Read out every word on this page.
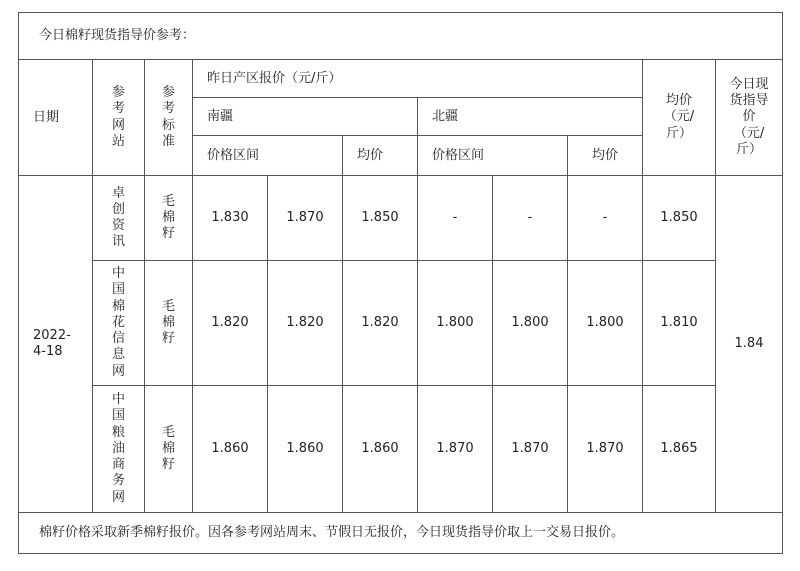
今日棉籽现货指导价参考：										
日期	参考网站	参考标准	昨日产区报价（元/斤）						均价（元/斤）	今日现货指导价（元/斤）

			南疆			北疆				
			价格区间		均价	价格区间		均价		

2022-4-18	卓创资讯	毛棉籽	1.830	1.870	1.850	-	-	-	1.850	1.84

	中国棉花信息网	毛棉籽	1.820	1.820	1.820	1.800	1.800	1.800	1.810	

	中国粮油商务网	毛棉籽	1.860	1.860	1.860	1.870	1.870	1.870	1.865	
棉籽价格采取新季棉籽报价。因各参考网站周末、节假日无报价，今日现货指导价取上一交易日报价。										
